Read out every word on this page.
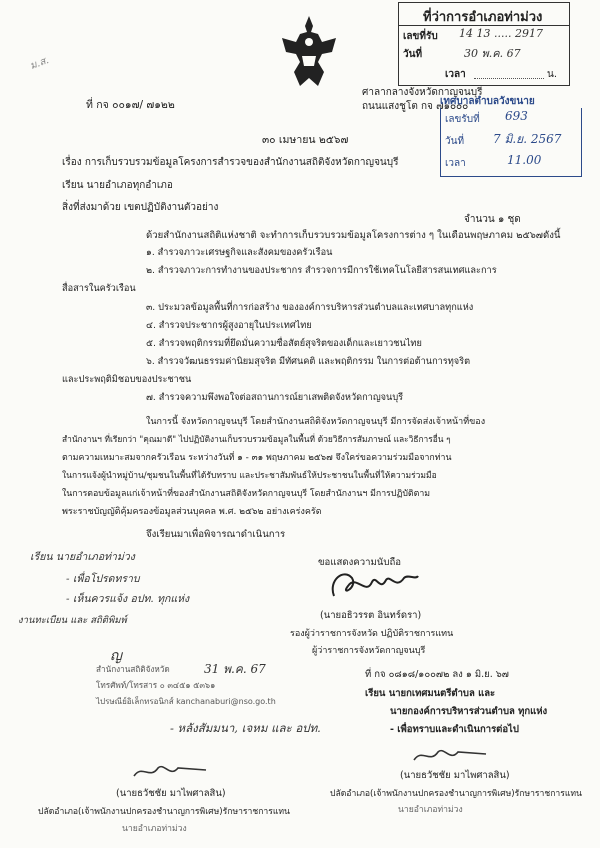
ม.ส.
ที่ว่าการอำเภอท่าม่วง
เลขที่รับ 14 13 ..... 2917
วันที่	30 พ.ค. 67
เวลา	น.
ที่ กจ ๐๐๑๗/ ๗๑๒๒
ศาลากลางจังหวัดกาญจนบุรี
ถนนแสงชูโต กจ ๗๑๐๐๐
เทศบาลตำบลวังขนาย
เลขรับที่ 693
วันที่ 7 มิ.ย. 2567
เวลา	11.00
๓๐ เมษายน ๒๕๖๗
เรื่อง การเก็บรวบรวมข้อมูลโครงการสำรวจของสำนักงานสถิติจังหวัดกาญจนบุรี
เรียน นายอำเภอทุกอำเภอ
สิ่งที่ส่งมาด้วย เขตปฏิบัติงานตัวอย่าง
จำนวน ๑ ชุด
ด้วยสำนักงานสถิติแห่งชาติ จะทำการเก็บรวบรวมข้อมูลโครงการต่าง ๆ ในเดือนพฤษภาคม ๒๕๖๗ดังนี้
๑. สำรวจภาวะเศรษฐกิจและสังคมของครัวเรือน
๒. สำรวจภาวะการทำงานของประชากร สำรวจการมีการใช้เทคโนโลยีสารสนเทศและการ
สื่อสารในครัวเรือน
๓. ประมวลข้อมูลพื้นที่การก่อสร้าง ขององค์การบริหารส่วนตำบลและเทศบาลทุกแห่ง
๔. สำรวจประชากรผู้สูงอายุในประเทศไทย
๕. สำรวจพฤติกรรมที่ยึดมั่นความซื่อสัตย์สุจริตของเด็กและเยาวชนไทย
๖. สำรวจวัฒนธรรมค่านิยมสุจริต มีทัศนคติ และพฤติกรรม ในการต่อต้านการทุจริต
และประพฤติมิชอบของประชาชน
๗. สำรวจความพึงพอใจต่อสถานการณ์ยาเสพติดจังหวัดกาญจนบุรี
ในการนี้ จังหวัดกาญจนบุรี โดยสำนักงานสถิติจังหวัดกาญจนบุรี มีการจัดส่งเจ้าหน้าที่ของ
สำนักงานฯ ที่เรียกว่า "คุณมาดี" ไปปฏิบัติงานเก็บรวบรวมข้อมูลในพื้นที่ ด้วยวิธีการสัมภาษณ์ และวิธีการอื่น ๆ
ตามความเหมาะสมจากครัวเรือน ระหว่างวันที่ ๑ - ๓๑ พฤษภาคม ๒๕๖๗ จึงใคร่ขอความร่วมมือจากท่าน
ในการแจ้งผู้นำหมู่บ้าน/ชุมชนในพื้นที่ได้รับทราบ และประชาสัมพันธ์ให้ประชาชนในพื้นที่ให้ความร่วมมือ
ในการตอบข้อมูลแก่เจ้าหน้าที่ของสำนักงานสถิติจังหวัดกาญจนบุรี โดยสำนักงานฯ มีการปฏิบัติตาม
พระราชบัญญัติคุ้มครองข้อมูลส่วนบุคคล พ.ศ. ๒๕๖๒ อย่างเคร่งครัด
จึงเรียนมาเพื่อพิจารณาดำเนินการ
เรียน นายอำเภอท่าม่วง
- เพื่อโปรดทราบ
- เห็นควรแจ้ง อปท. ทุกแห่ง
งานทะเบียน และ สถิติพิมพ์
ขอแสดงความนับถือ
(นายอธิวรรต อินทร์ดรา)
รองผู้ว่าราชการจังหวัด ปฏิบัติราชการแทน
ผู้ว่าราชการจังหวัดกาญจนบุรี
ญ
สำนักงานสถิติจังหวัด
โทรศัพท์/โทรสาร ๐ ๓๔๕๑ ๕๓๖๑
ไปรษณีย์อิเล็กทรอนิกส์ kanchanaburi@nso.go.th
31 พ.ค. 67	ที่ กจ ๐๘๑๘/๑๐๐๗๒ ลง ๑ มิ.ย. ๖๗
เรียน นายกเทศมนตรีตำบล และ
นายกองค์การบริหารส่วนตำบล ทุกแห่ง
- เพื่อทราบและดำเนินการต่อไป
- หลังสัมมนา, เจหม และ อปท.
(นายธวัชชัย มาไพศาลสิน)
ปลัดอำเภอ(เจ้าพนักงานปกครองชำนาญการพิเศษ)รักษาราชการแทน
นายอำเภอท่าม่วง
(นายธวัชชัย มาไพศาลสิน)
ปลัดอำเภอ(เจ้าพนักงานปกครองชำนาญการพิเศษ)รักษาราชการแทน
นายอำเภอท่าม่วง
